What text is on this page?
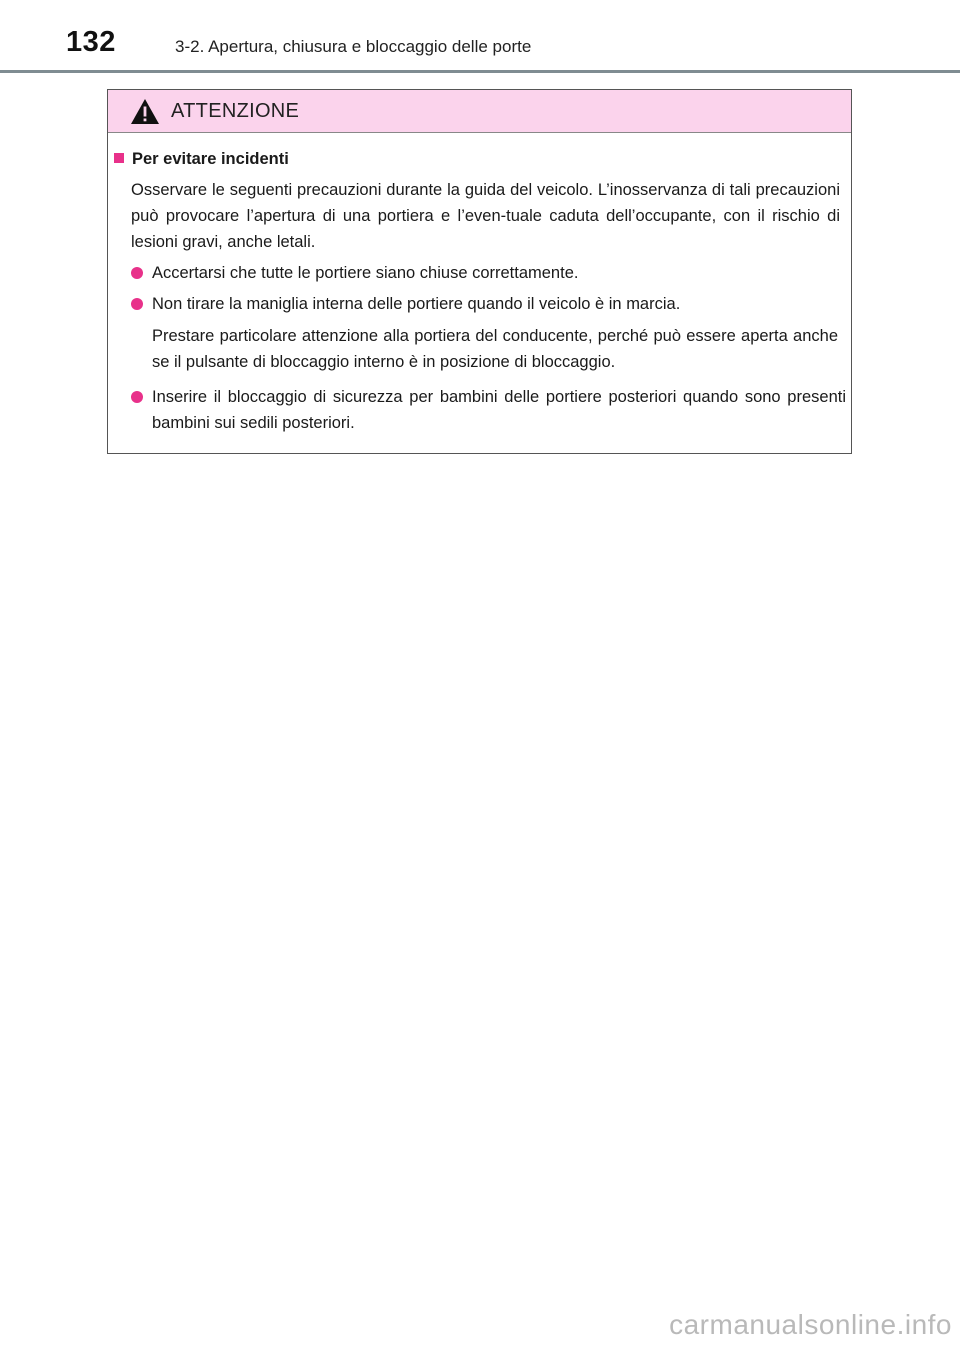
132	3-2. Apertura, chiusura e bloccaggio delle porte
ATTENZIONE
Per evitare incidenti
Osservare le seguenti precauzioni durante la guida del veicolo. L’inosservanza di tali precauzioni può provocare l’apertura di una portiera e l’even-tuale caduta dell’occupante, con il rischio di lesioni gravi, anche letali.
Accertarsi che tutte le portiere siano chiuse correttamente.
Non tirare la maniglia interna delle portiere quando il veicolo è in marcia.
Prestare particolare attenzione alla portiera del conducente, perché può essere aperta anche se il pulsante di bloccaggio interno è in posizione di bloccaggio.
Inserire il bloccaggio di sicurezza per bambini delle portiere posteriori quando sono presenti bambini sui sedili posteriori.
carmanualsonline.info
